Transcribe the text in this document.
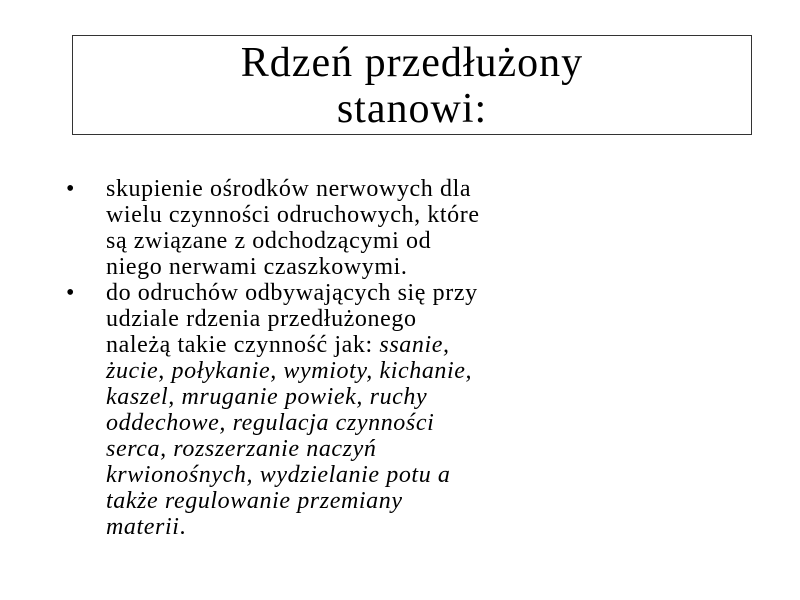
Rdzeń przedłużony
stanowi:
• skupienie ośrodków nerwowych dla
wielu czynności odruchowych, które
są związane z odchodzącymi od
niego nerwami czaszkowymi.
• do odruchów odbywających się przy
udziale rdzenia przedłużonego
należą takie czynność jak: ssanie,
żucie, połykanie, wymioty, kichanie,
kaszel, mruganie powiek, ruchy
oddechowe, regulacja czynności
serca, rozszerzanie naczyń
krwionośnych, wydzielanie potu a
także regulowanie przemiany
materii.
